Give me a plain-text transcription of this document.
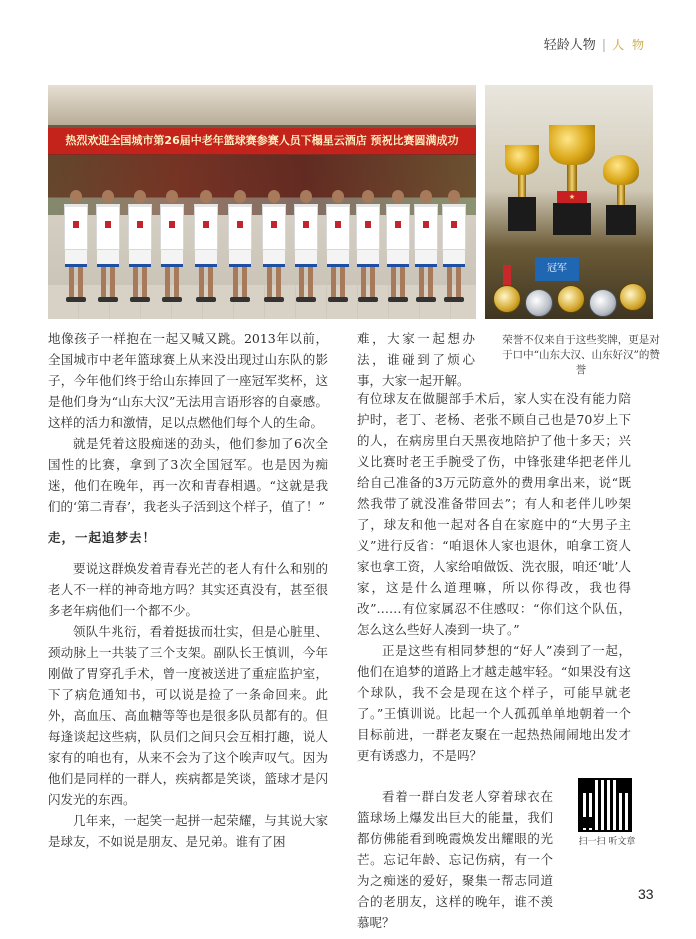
轻龄人物 | 人 物
热烈欢迎全国城市第26届中老年篮球赛参赛人员下榻星云酒店 预祝比赛圆满成功
★
冠军
荣誉不仅来自于这些奖牌，更是对于口中“山东大汉、山东好汉”的赞誉

地像孩子一样抱在一起又喊又跳。2013年以前，全国城市中老年篮球赛上从来没出现过山东队的影子，今年他们终于给山东捧回了一座冠军奖杯，这是他们身为“山东大汉”无法用言语形容的自豪感。这样的活力和激情，足以点燃他们每个人的生命。

就是凭着这股痴迷的劲头，他们参加了6次全国性的比赛，拿到了3次全国冠军。也是因为痴迷，他们在晚年，再一次和青春相遇。“这就是我们的‘第二青春’，我老头子活到这个样子，值了！”

走，一起追梦去！

要说这群焕发着青春光芒的老人有什么和别的老人不一样的神奇地方吗？其实还真没有，甚至很多老年病他们一个都不少。

领队牛兆衍，看着挺拔而壮实，但是心脏里、颈动脉上一共装了三个支架。副队长王慎训，今年刚做了胃穿孔手术，曾一度被送进了重症监护室，下了病危通知书，可以说是捡了一条命回来。此外，高血压、高血糖等等也是很多队员都有的。但每逢谈起这些病，队员们之间只会互相打趣，说人家有的咱也有，从来不会为了这个唉声叹气。因为他们是同样的一群人，疾病都是笑谈，篮球才是闪闪发光的东西。

几年来，一起笑一起拼一起荣耀，与其说大家是球友，不如说是朋友、是兄弟。谁有了困

难，大家一起想办法，谁碰到了烦心事，大家一起开解。

有位球友在做腿部手术后，家人实在没有能力陪护时，老丁、老杨、老张不顾自己也是70岁上下的人，在病房里白天黑夜地陪护了他十多天；兴义比赛时老王手腕受了伤，中锋张建华把老伴儿给自己准备的3万元防意外的费用拿出来，说“既然我带了就没准备带回去”；有人和老伴儿吵架了，球友和他一起对各自在家庭中的“大男子主义”进行反省：“咱退休人家也退休，咱拿工资人家也拿工资，人家给咱做饭、洗衣服，咱还‘呲’人家，这是什么道理嘛，所以你得改，我也得改”……有位家属忍不住感叹：“你们这个队伍，怎么这么些好人凑到一块了。”

正是这些有相同梦想的“好人”凑到了一起，他们在追梦的道路上才越走越牢轻。“如果没有这个球队，我不会是现在这个样子，可能早就老了。”王慎训说。比起一个人孤孤单单地朝着一个目标前进，一群老友聚在一起热热闹闹地出发才更有诱惑力，不是吗？

看着一群白发老人穿着球衣在篮球场上爆发出巨大的能量，我们都仿佛能看到晚霞焕发出耀眼的光芒。忘记年龄、忘记伤病，有一个为之痴迷的爱好，聚集一帮志同道合的老朋友，这样的晚年，谁不羡慕呢？

扫一扫 听文章
33
